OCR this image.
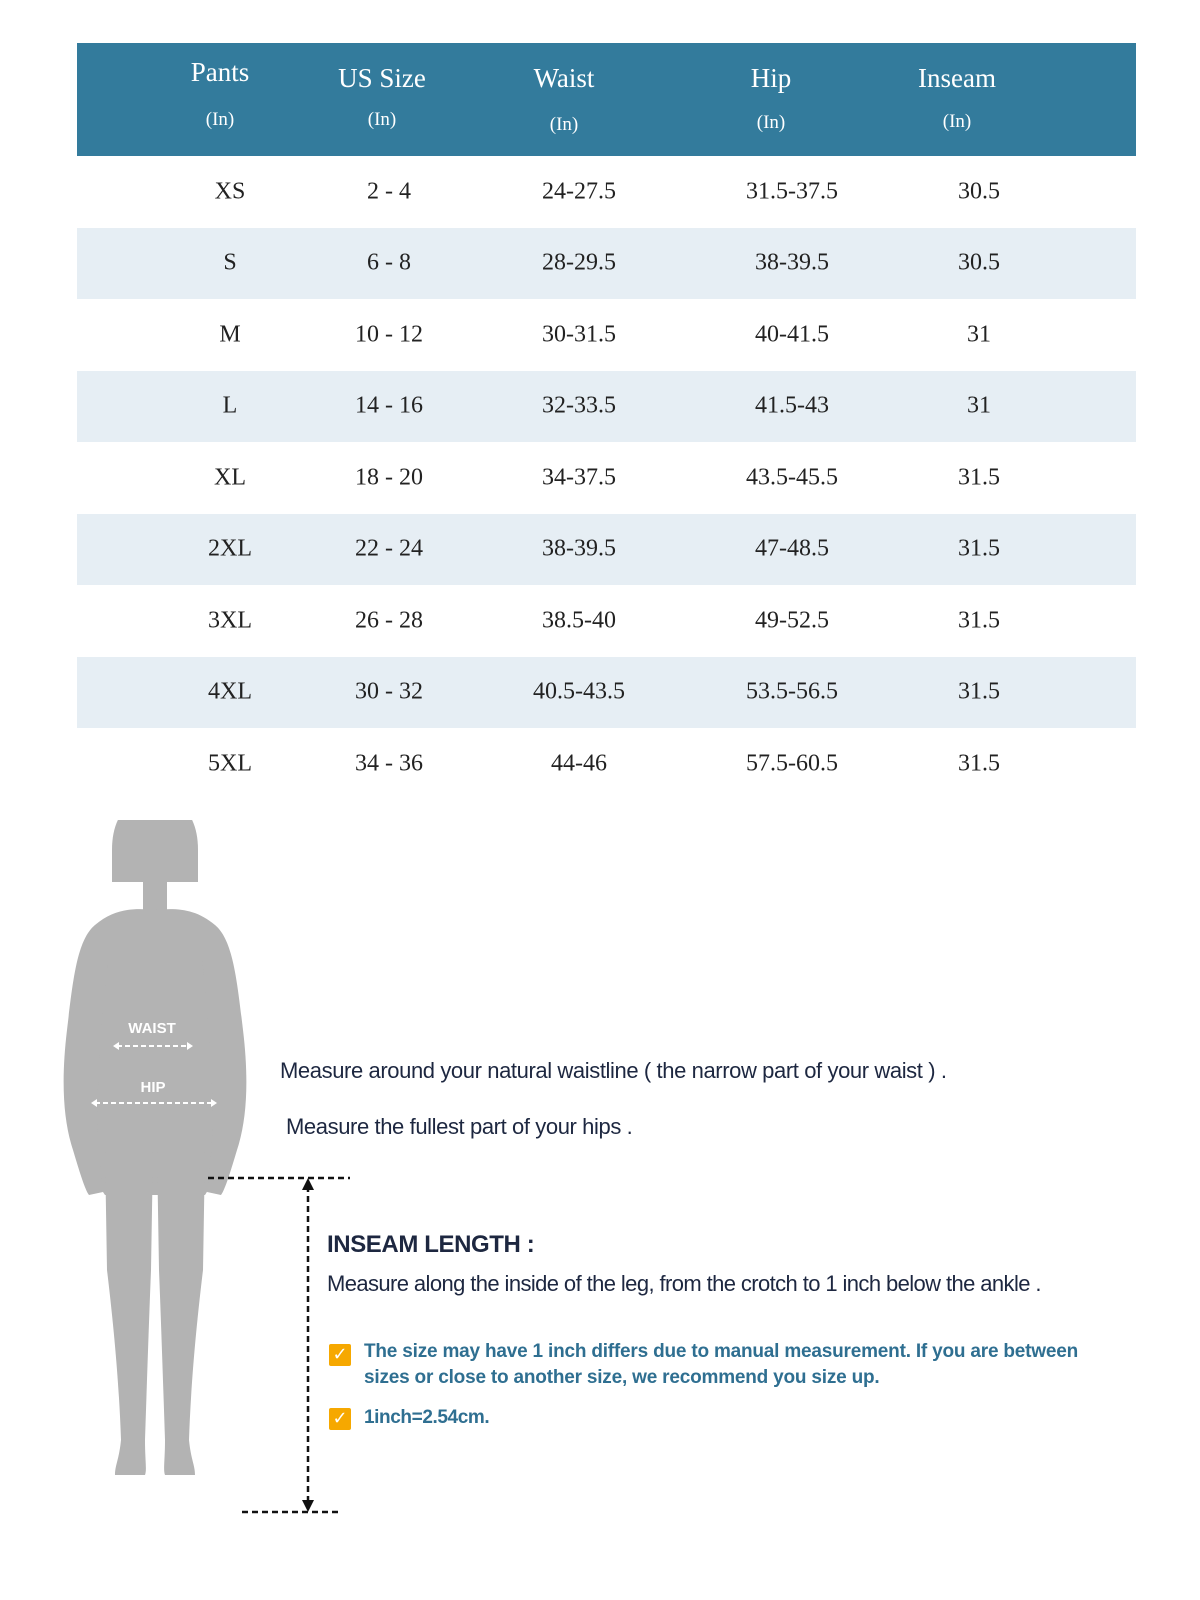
Pants
(In)
US Size
(In)
Waist
(In)
Hip
(In)
Inseam
(In)
XS	2 - 4	24-27.5	31.5-37.5	30.5
S	6 - 8	28-29.5	38-39.5	30.5
M	10 - 12	30-31.5	40-41.5	31
L	14 - 16	32-33.5	41.5-43	31
XL	18 - 20	34-37.5	43.5-45.5	31.5
2XL	22 - 24	38-39.5	47-48.5	31.5
3XL	26 - 28	38.5-40	49-52.5	31.5
4XL	30 - 32	40.5-43.5	53.5-56.5	31.5
5XL	34 - 36	44-46	57.5-60.5	31.5
WAIST
HIP
Measure around your natural waistline ( the narrow part of your waist ) .
Measure the fullest part of your hips .
INSEAM LENGTH :
Measure along the inside of the leg, from the crotch to 1 inch below the ankle .
✓ The size may have 1 inch differs due to manual measurement. If you are between
sizes or close to another size, we recommend you size up.
✓ 1inch=2.54cm.
